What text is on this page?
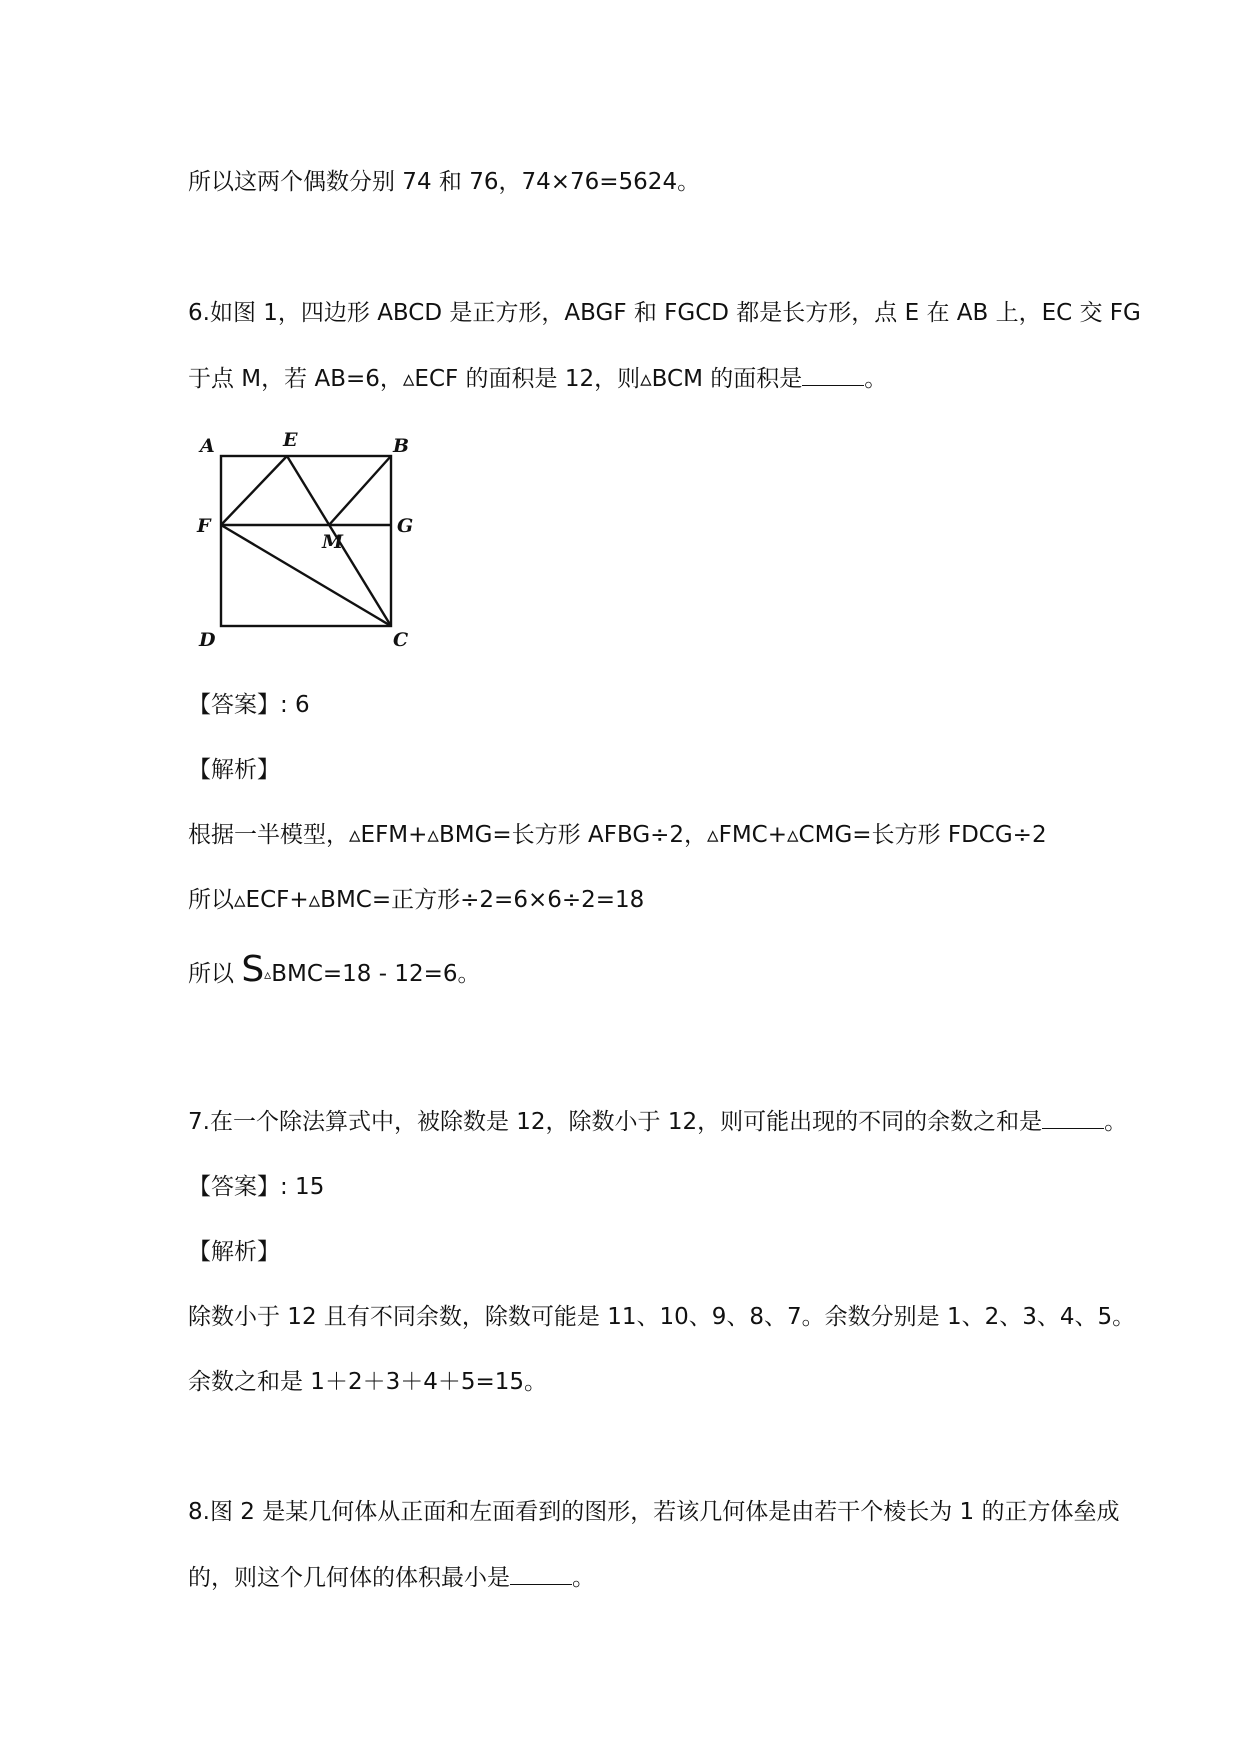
所以这两个偶数分别 74 和 76，74×76=5624。

6.如图 1，四边形 ABCD 是正方形，ABGF 和 FGCD 都是长方形，点 E 在 AB 上，EC 交 FG

于点 M，若 AB=6，▵ECF 的面积是 12，则▵BCM 的面积是	。

A	E	B
F	G
M
D	C

【答案】: 6

【解析】

根据一半模型，▵EFM+▵BMG=长方形 AFBG÷2，▵FMC+▵CMG=长方形 FDCG÷2

所以▵ECF+▵BMC=正方形÷2=6×6÷2=18

所以 S▵BMC=18 - 12=6。

7.在一个除法算式中，被除数是 12，除数小于 12，则可能出现的不同的余数之和是	。

【答案】: 15

【解析】

除数小于 12 且有不同余数，除数可能是 11、10、9、8、7。余数分别是 1、2、3、4、5。

余数之和是 1＋2＋3＋4＋5=15。

8.图 2 是某几何体从正面和左面看到的图形，若该几何体是由若干个棱长为 1 的正方体垒成

的，则这个几何体的体积最小是	。
